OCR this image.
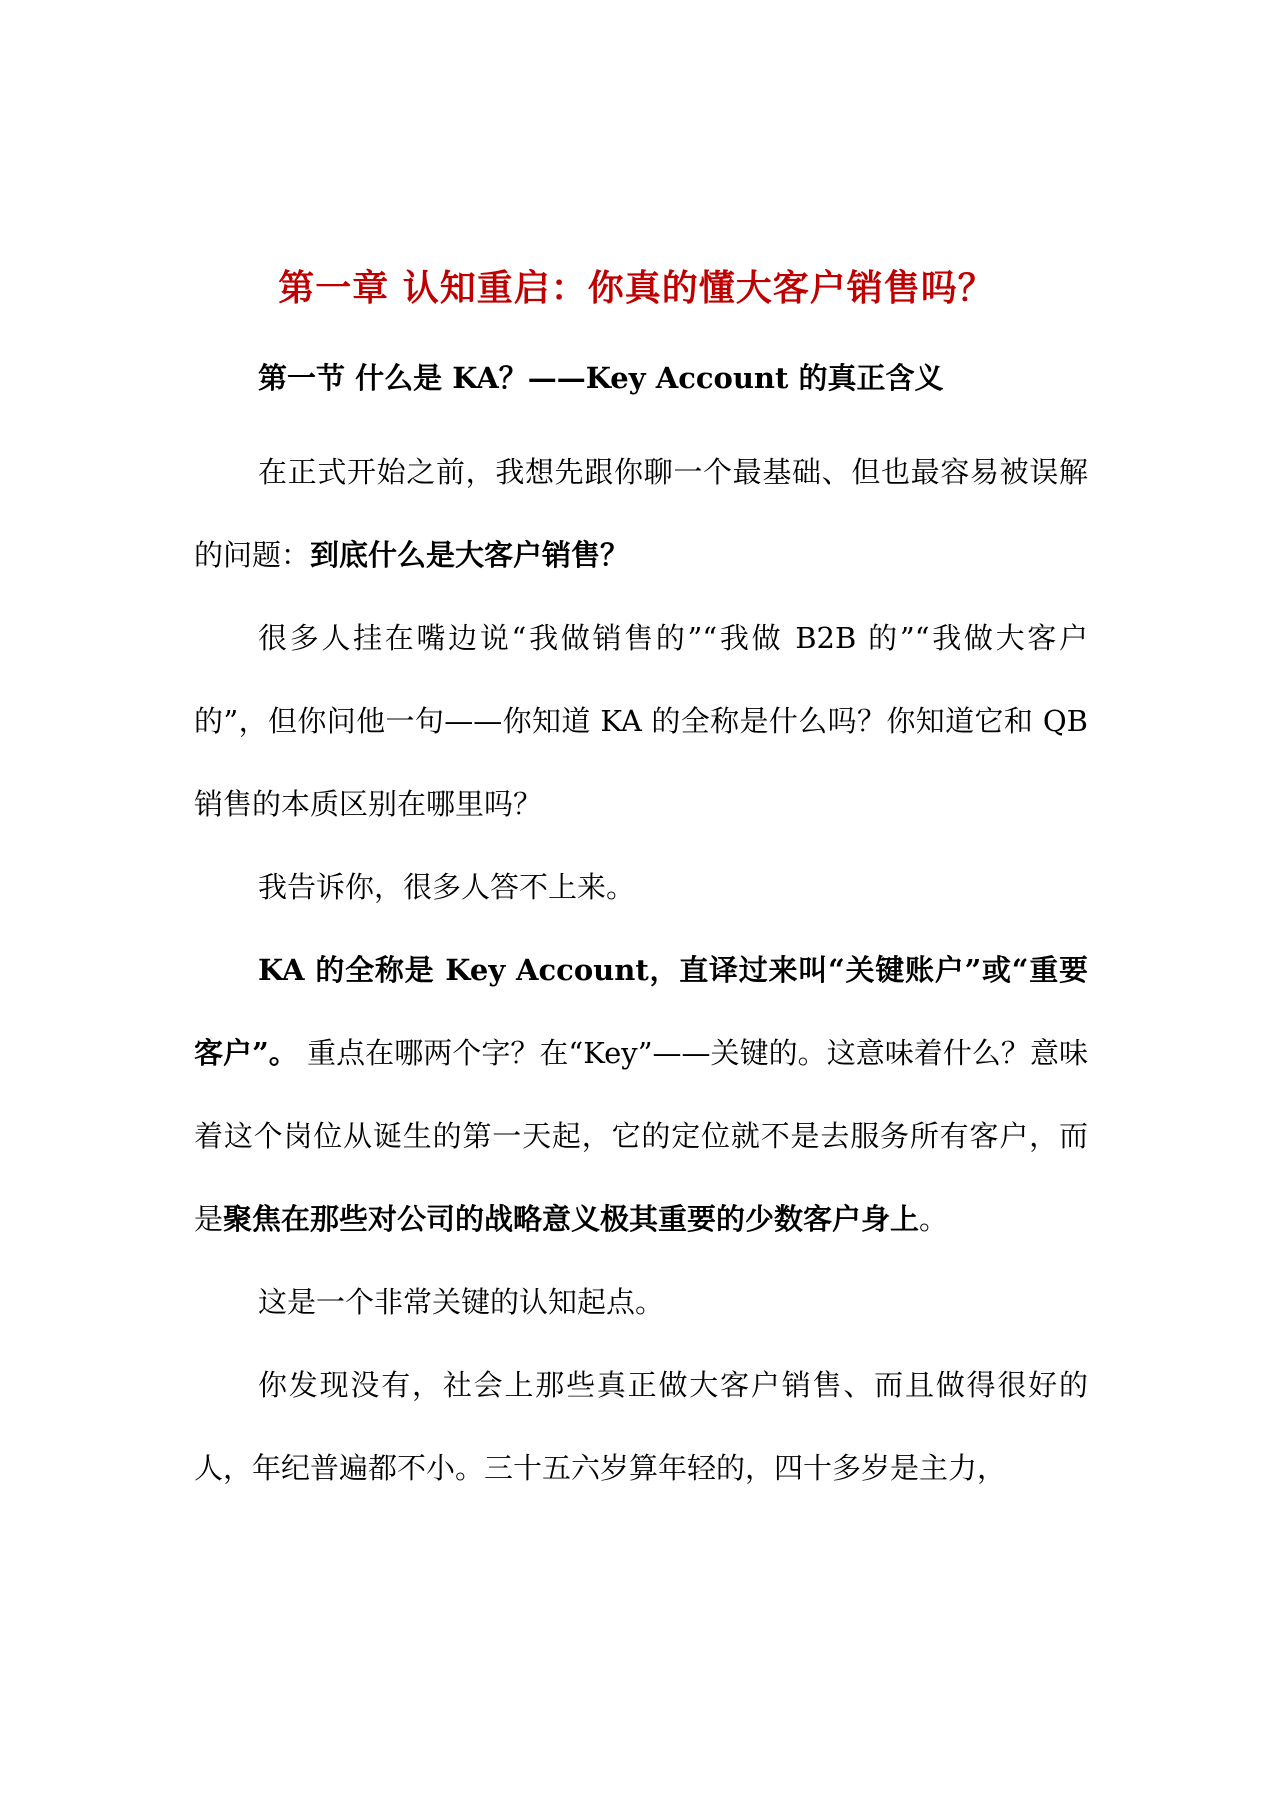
第一章 认知重启：你真的懂大客户销售吗？
第一节 什么是 KA？——Key Account 的真正含义

在正式开始之前，我想先跟你聊一个最基础、但也最容易被误解的问题：到底什么是大客户销售？

很多人挂在嘴边说“我做销售的”“我做 B2B 的”“我做大客户的”，但你问他一句——你知道 KA 的全称是什么吗？你知道它和 QB 销售的本质区别在哪里吗？

我告诉你，很多人答不上来。

KA 的全称是 Key Account，直译过来叫“关键账户”或“重要客户”。 重点在哪两个字？在“Key”——关键的。这意味着什么？意味着这个岗位从诞生的第一天起，它的定位就不是去服务所有客户，而是聚焦在那些对公司的战略意义极其重要的少数客户身上。

这是一个非常关键的认知起点。

你发现没有，社会上那些真正做大客户销售、而且做得很好的人，年纪普遍都不小。三十五六岁算年轻的，四十多岁是主力，
